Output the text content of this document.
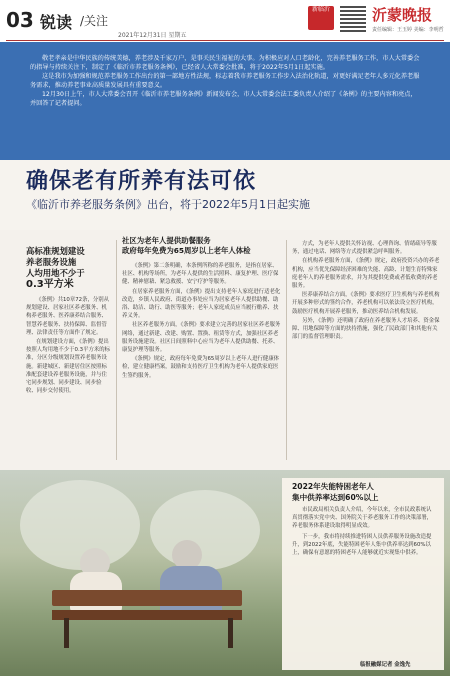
03 锐读 /关注
2021年12月31日 星期五
新临沂	沂蒙晚报
责任编辑：王玉婷 美编：李明哲

敬老孝亲是中华民族的传统美德，养老涉及千家万户，是事关民生福祉的大事。为积极应对人口老龄化，完善养老服务工作，市人大常委会的指导与持续关注下，制定了《临沂市养老服务条例》，已经省人大常委会批准，将于2022年5月1日起实施。

这是我市为加强和规范养老服务工作出台的第一部地方性法规，标志着我市养老服务工作步入法治化轨道，对更好满足老年人多元化养老服务需求，推动养老事业高质量发展具有重要意义。

12月30日上午，市人大常委会召开《临沂市养老服务条例》新闻发布会，市人大常委会法工委负责人介绍了《条例》的主要内容和亮点，并回答了记者提问。

确保老有所养有法可依
《临沂市养老服务条例》出台，将于2022年5月1日起实施
高标准规划建设
养老服务设施
人均用地不少于
0.3平方米

《条例》共10章72条，分别从规划建设、居家社区养老服务、机构养老服务、医养康养结合服务、智慧养老服务、扶持保障、监督管理、法律责任等方面作了规定。

在规划建设方面，《条例》提出按照人均用地不少于0.3平方米的标准，分区分级规划设置养老服务设施。新建城区、新建居住区按照标准配套建设养老服务设施，并与住宅同步规划、同步建设、同步验收、同步交付使用。

社区为老年人提供助餐服务
政府每年免费为65周岁以上老年人体检

《条例》第二条明确，本条例所称的养老服务，是指在居家、社区、机构等场所，为老年人提供的生活照料、康复护理、医疗保健、精神慰藉、紧急救援、安宁疗护等服务。

在居家养老服务方面，《条例》提出支持老年人家庭进行适老化改造，乡镇人民政府、街道办事处应当为居家老年人提供助餐、助浴、助洁、助行、助医等服务；老年人家庭成员应当履行赡养、扶养义务。

社区养老服务方面，《条例》要求建立完善的居家社区养老服务网络，通过新建、改建、购置、置换、租赁等方式，加强社区养老服务设施建设。社区日间照料中心应当为老年人提供助餐、托养、康复护理等服务。

《条例》规定，政府每年免费为65周岁以上老年人进行健康体检，建立健康档案，鼓励和支持医疗卫生机构为老年人提供家庭医生签约服务。

方式，为老年人提供关怀访视、心理咨询、情绪疏导等服务，通过电话、网络等方式提供紧急呼叫服务。

在机构养老服务方面，《条例》规定，政府投资兴办的养老机构，应当优先保障经济困难的失能、高龄、计划生育特殊家庭老年人的养老服务需求，并为其提供免费或者低收费的养老服务。

医养康养结合方面，《条例》要求医疗卫生机构与养老机构开展多种形式的签约合作，养老机构可以依法设立医疗机构，鼓励医疗机构开展养老服务，推动医养结合机构发展。

另外，《条例》还明确了政府在养老服务人才培养、资金保障、用地保障等方面的扶持措施，强化了民政部门和其他有关部门的监督管理职责。

2022年失能特困老年人
集中供养率达到60%以上

市民政局相关负责人介绍，今年以来，全市民政系统认真贯彻落实党中央、国务院关于养老服务工作的决策部署，养老服务体系建设取得明显成效。

下一步，我市将持续推进特困人员供养服务设施改造提升，到2022年底，失能特困老年人集中供养率达到60%以上，确保有意愿的特困老年人能够就近实现集中供养。

临报融媒记者 金逸先
